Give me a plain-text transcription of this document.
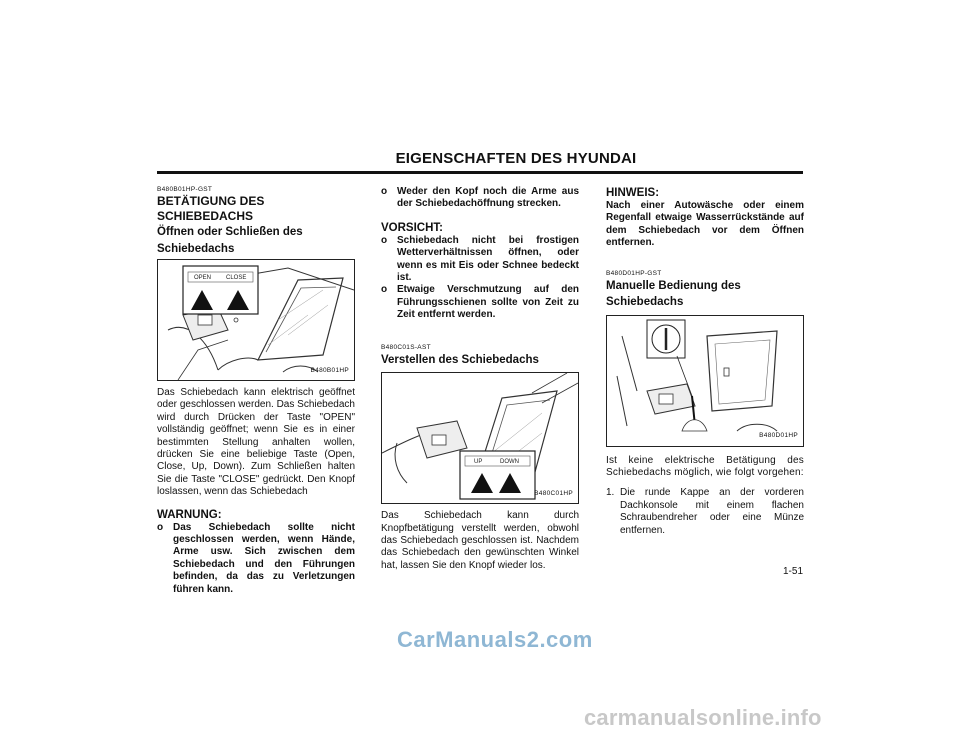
EIGENSCHAFTEN DES HYUNDAI
B480B01HP-GST
BETÄTIGUNG DES SCHIEBEDACHS
Öffnen oder Schließen des Schiebedachs
OPEN CLOSE
B480B01HP

Das Schiebedach kann elektrisch geöffnet oder geschlossen werden. Das Schiebedach wird durch Drücken der Taste "OPEN" vollständig geöffnet; wenn Sie es in einer bestimmten Stellung anhalten wollen, drücken Sie eine beliebige Taste (Open, Close, Up, Down). Zum Schließen halten Sie die Taste "CLOSE" gedrückt. Den Knopf loslassen, wenn das Schiebedach

WARNUNG:
o Das Schiebedach sollte nicht geschlossen werden, wenn Hände, Arme usw. Sich zwischen dem Schiebedach und den Führungen befinden, da das zu Verletzungen führen kann.
o Weder den Kopf noch die Arme aus der Schiebedachöffnung strecken.
VORSICHT:
o Schiebedach nicht bei frostigen Wetterverhältnissen öffnen, oder wenn es mit Eis oder Schnee bedeckt ist.
o Etwaige Verschmutzung auf den Führungsschienen sollte von Zeit zu Zeit entfernt werden.
B480C01S-AST
Verstellen des Schiebedachs
UP	DOWN
B480C01HP

Das Schiebedach kann durch Knopfbetätigung verstellt werden, obwohl das Schiebedach geschlossen ist. Nachdem das Schiebedach den gewünschten Winkel hat, lassen Sie den Knopf wieder los.

HINWEIS:

Nach einer Autowäsche oder einem Regenfall etwaige Wasserrückstände auf dem Schiebedach vor dem Öffnen entfernen.

B480D01HP-GST
Manuelle Bedienung des Schiebedachs
B480D01HP

Ist keine elektrische Betätigung des Schiebedachs möglich, wie folgt vorgehen:

1. Die runde Kappe an der vorderen Dachkonsole mit einem flachen Schraubendreher oder eine Münze entfernen.
1-51
CarManuals2.com
carmanualsonline.info
